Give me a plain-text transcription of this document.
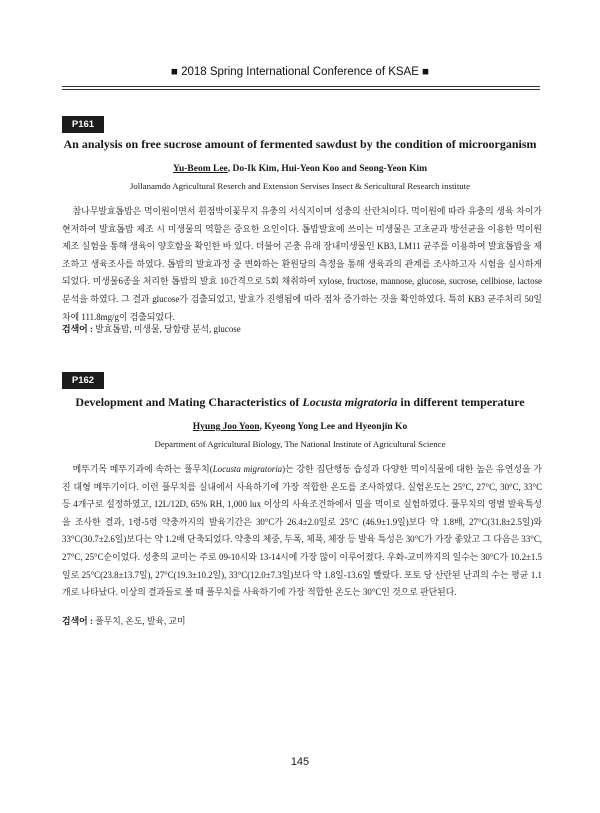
■ 2018 Spring International Conference of KSAE ■
P161
An analysis on free sucrose amount of fermented sawdust by the condition of microorganism
Yu-Beom Lee, Do-Ik Kim, Hui-Yeon Koo and Seong-Yeon Kim
Jollanamdo Agricultural Reserch and Extension Servises Insect & Sericultural Research institute

참나무발효톱밥은 먹이원이면서 흰점박이꽃무지 유충의 서식지이며 성충의 산란처이다. 먹이원에 따라 유충의 생육 차이가 현저하여 발효톱밥 제조 시 미생물의 역할은 중요한 요인이다. 톱밥발효에 쓰이는 미생물은 고초균과 방선균을 이용한 먹이원 제조 실험을 통해 생육이 양호함을 확인한 바 있다. 더불어 곤충 유래 장내미생물인 KB3, LM11 균주를 이용하여 발효톱밥을 제조하고 생육조사를 하였다. 톱밥의 발효과정 중 변화하는 환원당의 측정을 통해 생육과의 관계를 조사하고자 시험을 실시하게 되었다. 미생물6종을 처리한 톱밥의 발효 10간격으로 5회 채취하여 xylose, fructose, mannose, glucose, sucrose, cellbiose, lactose 분석을 하였다. 그 결과 glucose가 검출되었고, 발효가 진행됨에 따라 점차 증가하는 것을 확인하였다. 특히 KB3 균주처리 50일 차에 111.8mg/g이 검출되었다.

검색어 : 발효톱밥, 미생물, 당함량 분석, glucose
P162
Development and Mating Characteristics of Locusta migratoria in different temperature
Hyung Joo Yoon, Kyeong Yong Lee and Hyeonjin Ko
Department of Agricultural Biology, The National Institute of Agricultural Science

메뚜기목 메뚜기과에 속하는 풀무치(Locusta migratoria)는 강한 집단행동 습성과 다양한 먹이식물에 대한 높은 유연성을 가진 대형 메뚜기이다. 이런 풀무치를 실내에서 사육하기에 가장 적합한 온도를 조사하였다. 실험온도는 25°C, 27°C, 30°C, 33°C 등 4개구로 설정하였고, 12L/12D, 65% RH, 1,000 lux 이상의 사육조건하에서 밀을 먹이로 실험하였다. 풀무치의 영별 발육특성을 조사한 결과, 1령-5령 약충까지의 발육기간은 30°C가 26.4±2.0일로 25°C (46.9±1.9일)보다 약 1.8배, 27°C(31.8±2.5일)와 33°C(30.7±2.6일)보다는 약 1.2배 단축되었다. 약충의 체중, 두폭, 체폭, 체장 등 발육 특성은 30°C가 가장 좋았고 그 다음은 33°C, 27°C, 25°C순이었다. 성충의 교미는 주로 09-10시와 13-14시에 가장 많이 이루어졌다. 우화-교미까지의 일수는 30°C가 10.2±1.5일로 25°C(23.8±13.7일), 27°C(19.3±10.2일), 33°C(12.0±7.3일)보다 약 1.8일-13.6일 빨랐다. 포토 당 산란된 난괴의 수는 평균 1.1개로 나타났다. 이상의 결과들로 볼 때 풀무치를 사육하기에 가장 적합한 온도는 30°C인 것으로 판단된다.

검색어 : 풀무치, 온도, 발육, 교미
145
